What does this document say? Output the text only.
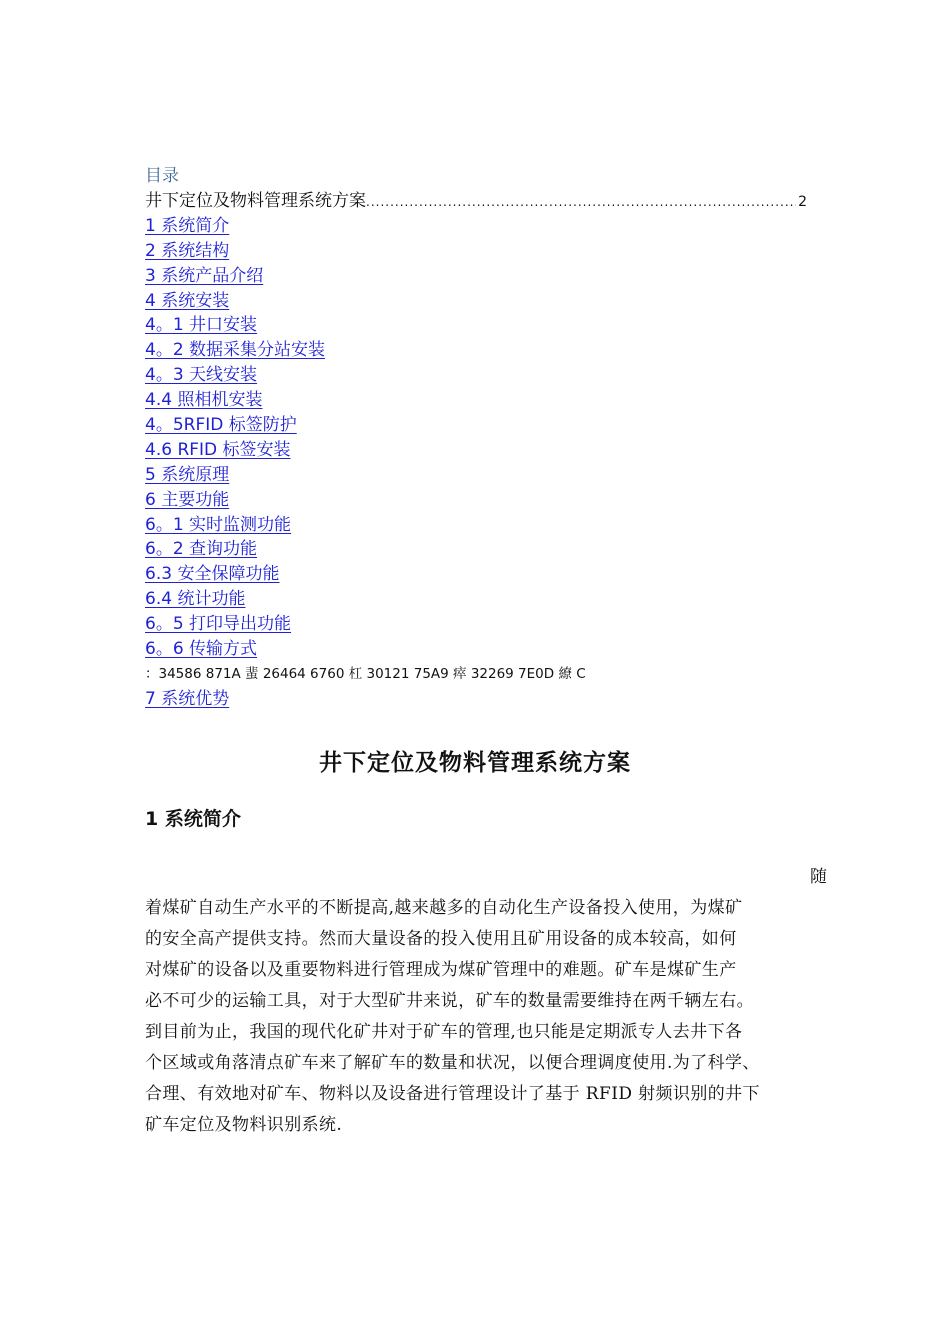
目录
井下定位及物料管理系统方案
.....	2
1 系统简介
2 系统结构
3 系统产品介绍
4 系统安装
4。1 井口安装
4。2 数据采集分站安装
4。3 天线安装
4.4 照相机安装
4。5RFID 标签防护
4.6 RFID 标签安装
5 系统原理
6 主要功能
6。1 实时监测功能
6。2 查询功能
6.3 安全保障功能
6.4 统计功能
6。5 打印导出功能
6。6 传输方式
：34586 871A 蜚 26464 6760 杠 30121 75A9 瘁 32269 7E0D 繚 C
7 系统优势
井下定位及物料管理系统方案
1 系统简介
随
着煤矿自动生产水平的不断提高,越来越多的自动化生产设备投入使用，为煤矿
的安全高产提供支持。然而大量设备的投入使用且矿用设备的成本较高，如何
对煤矿的设备以及重要物料进行管理成为煤矿管理中的难题。矿车是煤矿生产
必不可少的运输工具，对于大型矿井来说，矿车的数量需要维持在两千辆左右。
到目前为止，我国的现代化矿井对于矿车的管理,也只能是定期派专人去井下各
个区域或角落清点矿车来了解矿车的数量和状况，以便合理调度使用.为了科学、
合理、有效地对矿车、物料以及设备进行管理设计了基于 RFID 射频识别的井下
矿车定位及物料识别系统.
